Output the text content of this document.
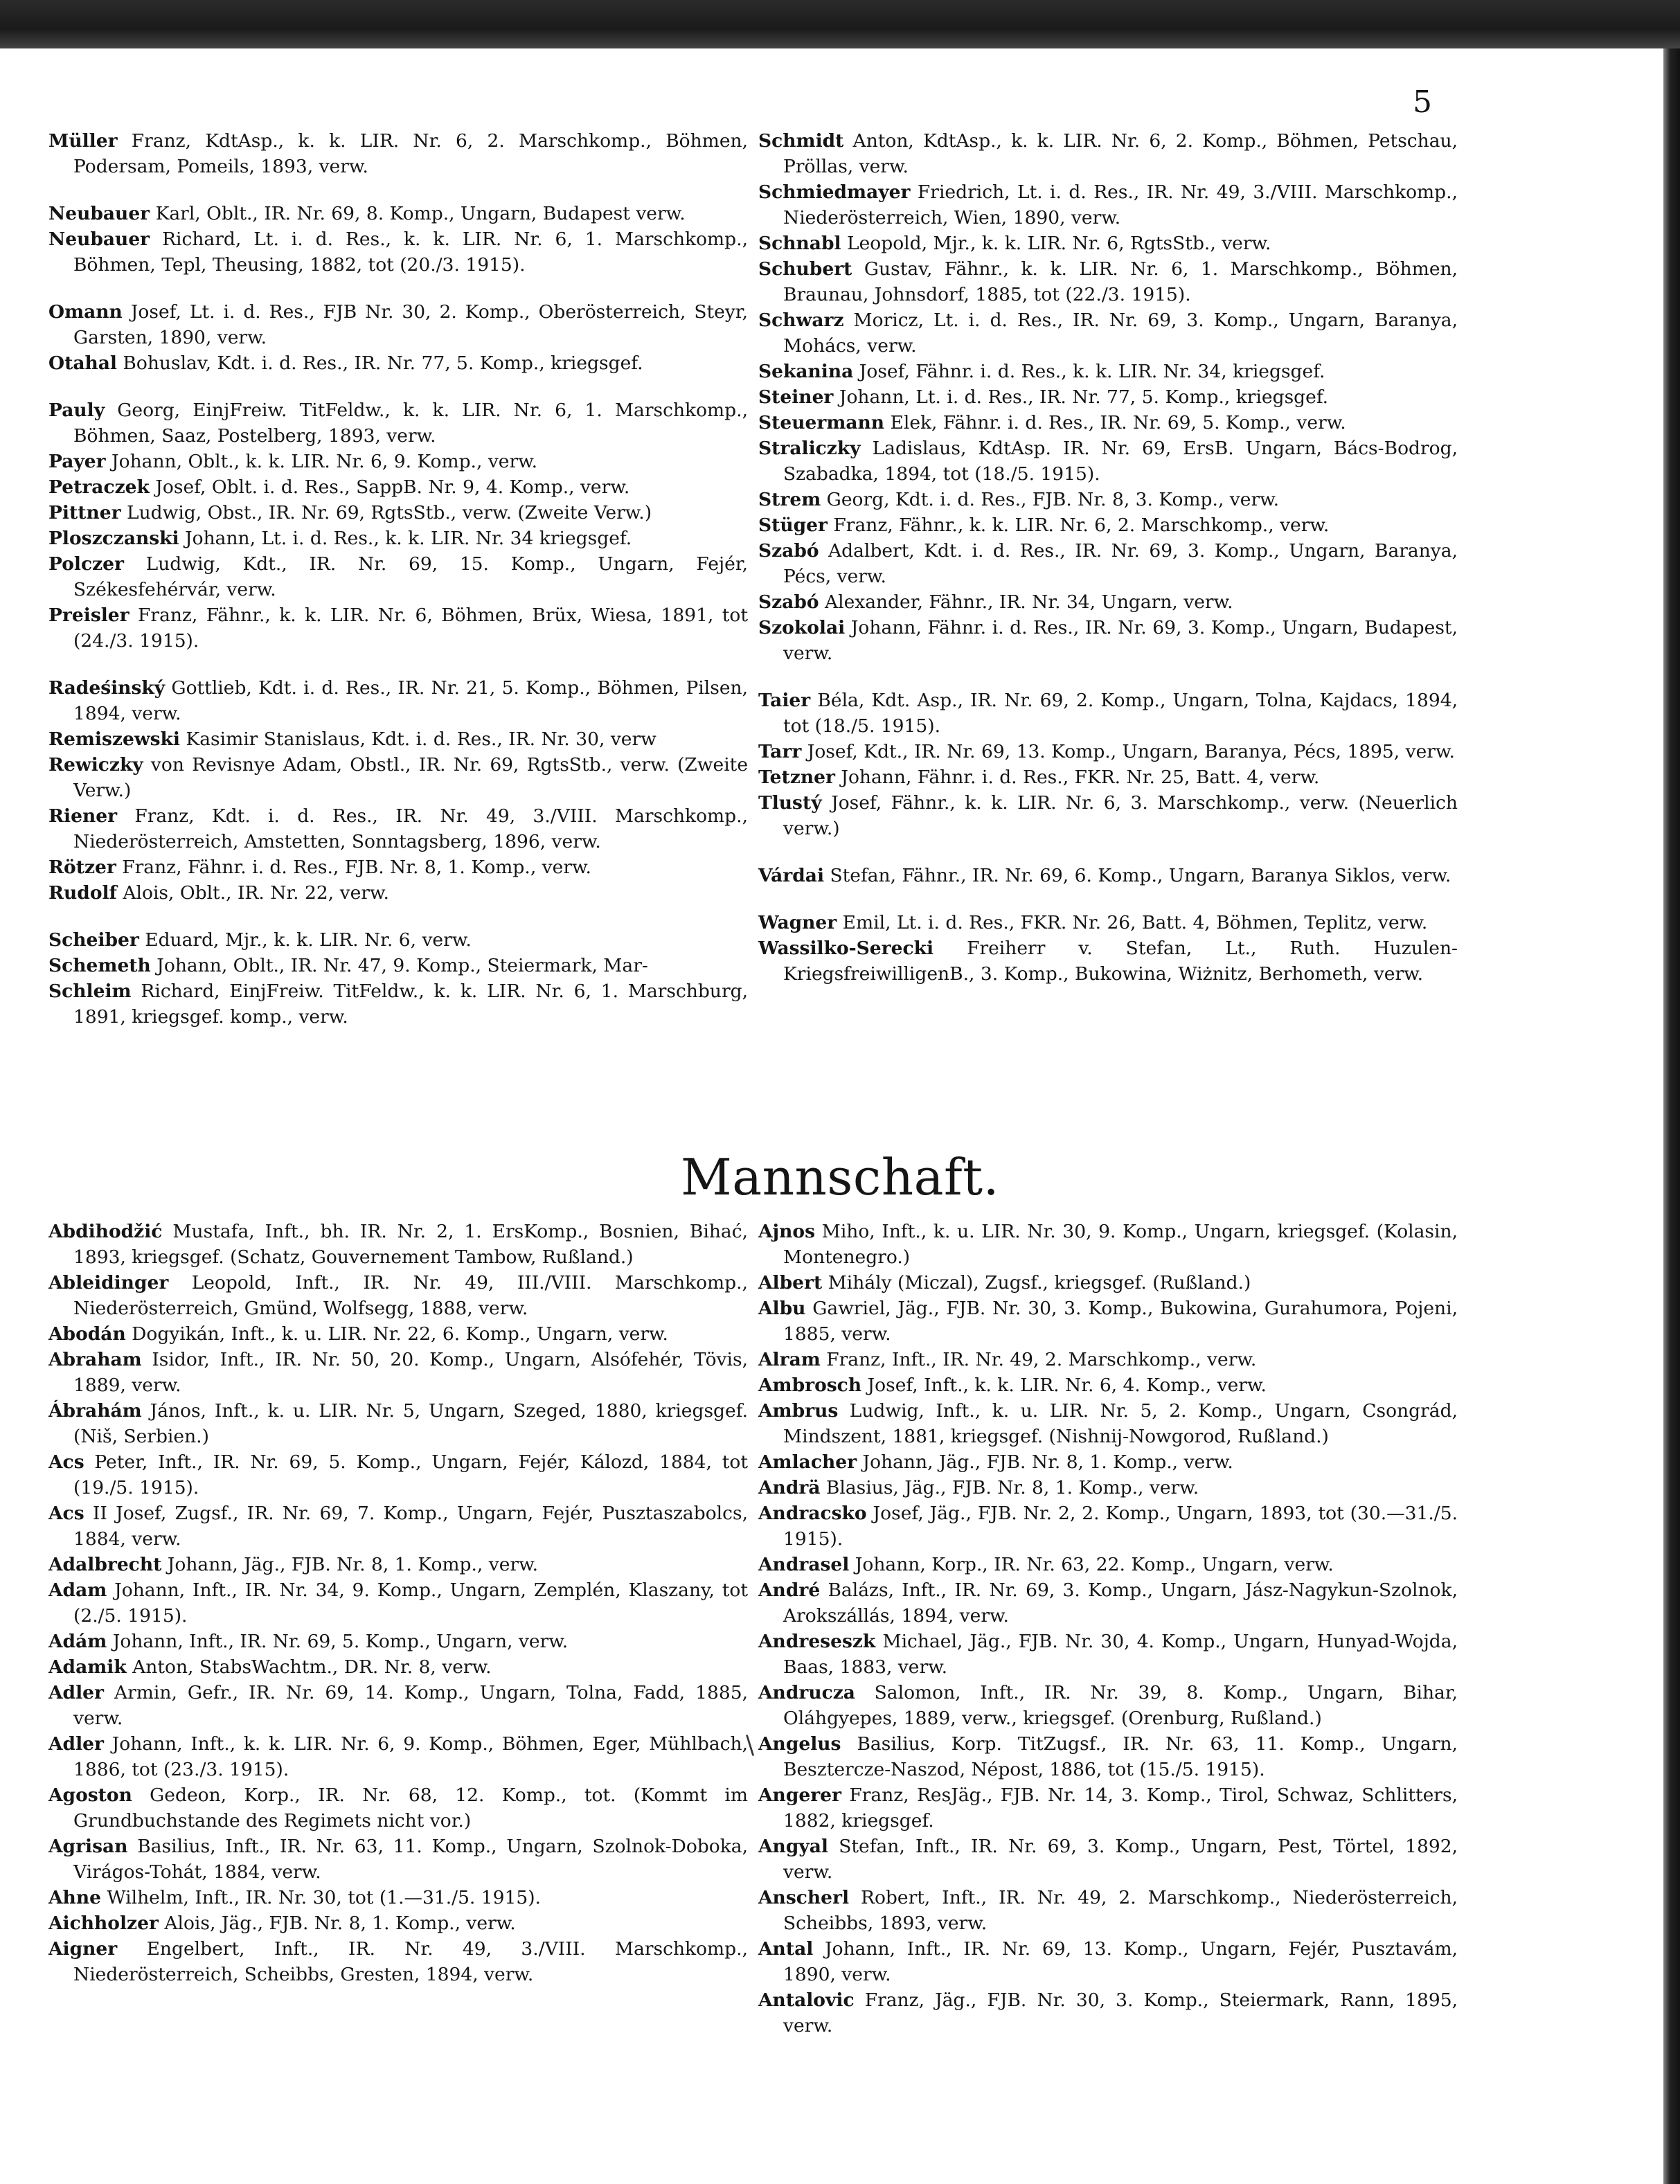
5
Müller Franz, KdtAsp., k. k. LIR. Nr. 6, 2. Marschkomp., Böhmen, Podersam, Pomeils, 1893, verw.
Neubauer Karl, Oblt., IR. Nr. 69, 8. Komp., Ungarn, Budapest verw.
Neubauer Richard, Lt. i. d. Res., k. k. LIR. Nr. 6, 1. Marschkomp., Böhmen, Tepl, Theusing, 1882, tot (20./3. 1915).
Omann Josef, Lt. i. d. Res., FJB Nr. 30, 2. Komp., Oberösterreich, Steyr, Garsten, 1890, verw.
Otahal Bohuslav, Kdt. i. d. Res., IR. Nr. 77, 5. Komp., kriegsgef.
Pauly Georg, EinjFreiw. TitFeldw., k. k. LIR. Nr. 6, 1. Marschkomp., Böhmen, Saaz, Postelberg, 1893, verw.
Payer Johann, Oblt., k. k. LIR. Nr. 6, 9. Komp., verw.
Petraczek Josef, Oblt. i. d. Res., SappB. Nr. 9, 4. Komp., verw.
Pittner Ludwig, Obst., IR. Nr. 69, RgtsStb., verw. (Zweite Verw.)
Ploszczanski Johann, Lt. i. d. Res., k. k. LIR. Nr. 34 kriegsgef.
Polczer Ludwig, Kdt., IR. Nr. 69, 15. Komp., Ungarn, Fejér, Székesfehérvár, verw.
Preisler Franz, Fähnr., k. k. LIR. Nr. 6, Böhmen, Brüx, Wiesa, 1891, tot (24./3. 1915).
Radeśinský Gottlieb, Kdt. i. d. Res., IR. Nr. 21, 5. Komp., Böhmen, Pilsen, 1894, verw.
Remiszewski Kasimir Stanislaus, Kdt. i. d. Res., IR. Nr. 30, verw
Rewiczky von Revisnye Adam, Obstl., IR. Nr. 69, RgtsStb., verw. (Zweite Verw.)
Riener Franz, Kdt. i. d. Res., IR. Nr. 49, 3./VIII. Marschkomp., Niederösterreich, Amstetten, Sonntagsberg, 1896, verw.
Rötzer Franz, Fähnr. i. d. Res., FJB. Nr. 8, 1. Komp., verw.
Rudolf Alois, Oblt., IR. Nr. 22, verw.
Scheiber Eduard, Mjr., k. k. LIR. Nr. 6, verw.
Schemeth Johann, Oblt., IR. Nr. 47, 9. Komp., Steiermark, Mar-
Schleim Richard, EinjFreiw. TitFeldw., k. k. LIR. Nr. 6, 1. Marschburg, 1891, kriegsgef. komp., verw.
Schmidt Anton, KdtAsp., k. k. LIR. Nr. 6, 2. Komp., Böhmen, Petschau, Pröllas, verw.
Schmiedmayer Friedrich, Lt. i. d. Res., IR. Nr. 49, 3./VIII. Marschkomp., Niederösterreich, Wien, 1890, verw.
Schnabl Leopold, Mjr., k. k. LIR. Nr. 6, RgtsStb., verw.
Schubert Gustav, Fähnr., k. k. LIR. Nr. 6, 1. Marschkomp., Böhmen, Braunau, Johnsdorf, 1885, tot (22./3. 1915).
Schwarz Moricz, Lt. i. d. Res., IR. Nr. 69, 3. Komp., Ungarn, Baranya, Mohács, verw.
Sekanina Josef, Fähnr. i. d. Res., k. k. LIR. Nr. 34, kriegsgef.
Steiner Johann, Lt. i. d. Res., IR. Nr. 77, 5. Komp., kriegsgef.
Steuermann Elek, Fähnr. i. d. Res., IR. Nr. 69, 5. Komp., verw.
Straliczky Ladislaus, KdtAsp. IR. Nr. 69, ErsB. Ungarn, Bács-Bodrog, Szabadka, 1894, tot (18./5. 1915).
Strem Georg, Kdt. i. d. Res., FJB. Nr. 8, 3. Komp., verw.
Stüger Franz, Fähnr., k. k. LIR. Nr. 6, 2. Marschkomp., verw.
Szabó Adalbert, Kdt. i. d. Res., IR. Nr. 69, 3. Komp., Ungarn, Baranya, Pécs, verw.
Szabó Alexander, Fähnr., IR. Nr. 34, Ungarn, verw.
Szokolai Johann, Fähnr. i. d. Res., IR. Nr. 69, 3. Komp., Ungarn, Budapest, verw.
Taier Béla, Kdt. Asp., IR. Nr. 69, 2. Komp., Ungarn, Tolna, Kajdacs, 1894, tot (18./5. 1915).
Tarr Josef, Kdt., IR. Nr. 69, 13. Komp., Ungarn, Baranya, Pécs, 1895, verw.
Tetzner Johann, Fähnr. i. d. Res., FKR. Nr. 25, Batt. 4, verw.
Tlustý Josef, Fähnr., k. k. LIR. Nr. 6, 3. Marschkomp., verw. (Neuerlich verw.)
Várdai Stefan, Fähnr., IR. Nr. 69, 6. Komp., Ungarn, Baranya Siklos, verw.
Wagner Emil, Lt. i. d. Res., FKR. Nr. 26, Batt. 4, Böhmen, Teplitz, verw.
Wassilko-Serecki Freiherr v. Stefan, Lt., Ruth. Huzulen-KriegsfreiwilligenB., 3. Komp., Bukowina, Wiżnitz, Berhometh, verw.
Mannschaft.
Abdihodžić Mustafa, Inft., bh. IR. Nr. 2, 1. ErsKomp., Bosnien, Bihać, 1893, kriegsgef. (Schatz, Gouvernement Tambow, Rußland.)
Ableidinger Leopold, Inft., IR. Nr. 49, III./VIII. Marschkomp., Niederösterreich, Gmünd, Wolfsegg, 1888, verw.
Abodán Dogyikán, Inft., k. u. LIR. Nr. 22, 6. Komp., Ungarn, verw.
Abraham Isidor, Inft., IR. Nr. 50, 20. Komp., Ungarn, Alsófehér, Tövis, 1889, verw.
Ábrahám János, Inft., k. u. LIR. Nr. 5, Ungarn, Szeged, 1880, kriegsgef. (Niš, Serbien.)
Acs Peter, Inft., IR. Nr. 69, 5. Komp., Ungarn, Fejér, Kálozd, 1884, tot (19./5. 1915).
Acs II Josef, Zugsf., IR. Nr. 69, 7. Komp., Ungarn, Fejér, Pusztaszabolcs, 1884, verw.
Adalbrecht Johann, Jäg., FJB. Nr. 8, 1. Komp., verw.
Adam Johann, Inft., IR. Nr. 34, 9. Komp., Ungarn, Zemplén, Klaszany, tot (2./5. 1915).
Adám Johann, Inft., IR. Nr. 69, 5. Komp., Ungarn, verw.
Adamik Anton, StabsWachtm., DR. Nr. 8, verw.
Adler Armin, Gefr., IR. Nr. 69, 14. Komp., Ungarn, Tolna, Fadd, 1885, verw.
Adler Johann, Inft., k. k. LIR. Nr. 6, 9. Komp., Böhmen, Eger, Mühlbach, 1886, tot (23./3. 1915).
Agoston Gedeon, Korp., IR. Nr. 68, 12. Komp., tot. (Kommt im Grundbuchstande des Regimets nicht vor.)
Agrisan Basilius, Inft., IR. Nr. 63, 11. Komp., Ungarn, Szolnok-Doboka, Virágos-Tohát, 1884, verw.
Ahne Wilhelm, Inft., IR. Nr. 30, tot (1.—31./5. 1915).
Aichholzer Alois, Jäg., FJB. Nr. 8, 1. Komp., verw.
Aigner Engelbert, Inft., IR. Nr. 49, 3./VIII. Marschkomp., Niederösterreich, Scheibbs, Gresten, 1894, verw.
Ajnos Miho, Inft., k. u. LIR. Nr. 30, 9. Komp., Ungarn, kriegsgef. (Kolasin, Montenegro.)
Albert Mihály (Miczal), Zugsf., kriegsgef. (Rußland.)
Albu Gawriel, Jäg., FJB. Nr. 30, 3. Komp., Bukowina, Gurahumora, Pojeni, 1885, verw.
Alram Franz, Inft., IR. Nr. 49, 2. Marschkomp., verw.
Ambrosch Josef, Inft., k. k. LIR. Nr. 6, 4. Komp., verw.
Ambrus Ludwig, Inft., k. u. LIR. Nr. 5, 2. Komp., Ungarn, Csongrád, Mindszent, 1881, kriegsgef. (Nishnij-Nowgorod, Rußland.)
Amlacher Johann, Jäg., FJB. Nr. 8, 1. Komp., verw.
Andrä Blasius, Jäg., FJB. Nr. 8, 1. Komp., verw.
Andracsko Josef, Jäg., FJB. Nr. 2, 2. Komp., Ungarn, 1893, tot (30.—31./5. 1915).
Andrasel Johann, Korp., IR. Nr. 63, 22. Komp., Ungarn, verw.
André Balázs, Inft., IR. Nr. 69, 3. Komp., Ungarn, Jász-Nagykun-Szolnok, Arokszállás, 1894, verw.
Andreseszk Michael, Jäg., FJB. Nr. 30, 4. Komp., Ungarn, Hunyad-Wojda, Baas, 1883, verw.
Andrucza Salomon, Inft., IR. Nr. 39, 8. Komp., Ungarn, Bihar, Oláhgyepes, 1889, verw., kriegsgef. (Orenburg, Rußland.)
Angelus Basilius, Korp. TitZugsf., IR. Nr. 63, 11. Komp., Ungarn, Besztercze-Naszod, Népost, 1886, tot (15./5. 1915).
Angerer Franz, ResJäg., FJB. Nr. 14, 3. Komp., Tirol, Schwaz, Schlitters, 1882, kriegsgef.
Angyal Stefan, Inft., IR. Nr. 69, 3. Komp., Ungarn, Pest, Törtel, 1892, verw.
Anscherl Robert, Inft., IR. Nr. 49, 2. Marschkomp., Niederösterreich, Scheibbs, 1893, verw.
Antal Johann, Inft., IR. Nr. 69, 13. Komp., Ungarn, Fejér, Pusztavám, 1890, verw.
Antalovic Franz, Jäg., FJB. Nr. 30, 3. Komp., Steiermark, Rann, 1895, verw.
\
